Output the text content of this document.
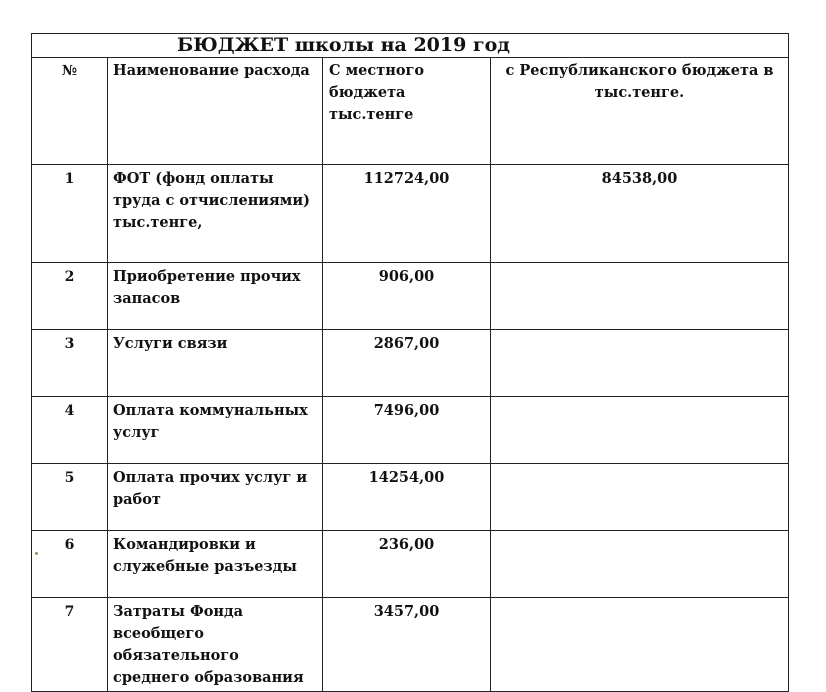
БЮДЖЕТ школы на 2019 год			
№	Наименование расхода	С местного бюджета тыс.тенге	с Республиканского бюджета в тыс.тенге.
1	ФОТ (фонд оплаты труда с отчислениями) тыс.тенге,	112724,00	84538,00
2	Приобретение прочих запасов	906,00	
3	Услуги связи	2867,00	
4	Оплата коммунальных услуг	7496,00	
5	Оплата прочих услуг и работ	14254,00	
6	Командировки и служебные разъезды	236,00	
7	Затраты Фонда всеобщего обязательного среднего образования	3457,00	
